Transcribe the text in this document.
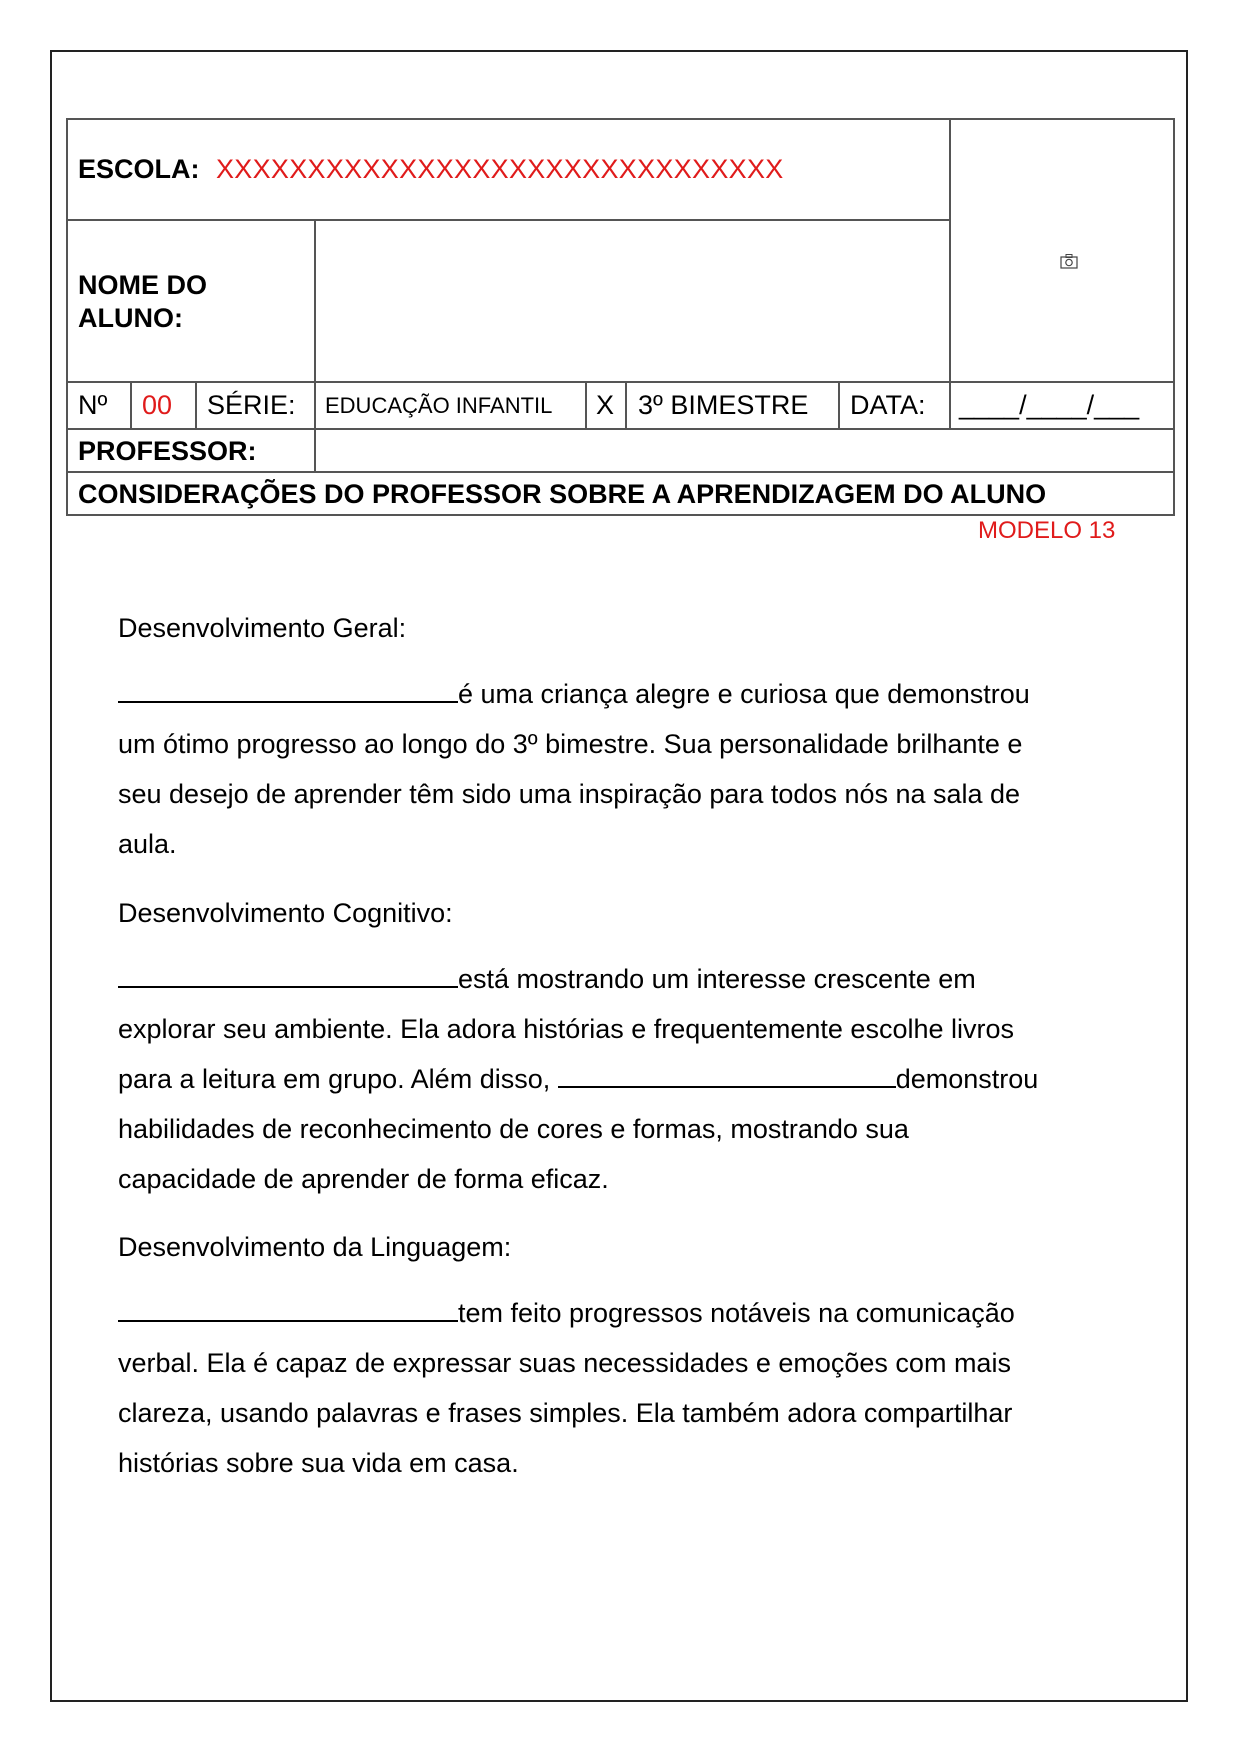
ESCOLA: XXXXXXXXXXXXXXXXXXXXXXXXXXXXXXX
NOME DO
ALUNO:
Nº 00 SÉRIE: EDUCAÇÃO INFANTIL X 3º BIMESTRE DATA: ____/____/___
PROFESSOR:
CONSIDERAÇÕES DO PROFESSOR SOBRE A APRENDIZAGEM DO ALUNO
MODELO 13
Desenvolvimento Geral:
é uma criança alegre e curiosa que demonstrou
um ótimo progresso ao longo do 3º bimestre. Sua personalidade brilhante e
seu desejo de aprender têm sido uma inspiração para todos nós na sala de
aula.
Desenvolvimento Cognitivo:
está mostrando um interesse crescente em
explorar seu ambiente. Ela adora histórias e frequentemente escolhe livros
para a leitura em grupo. Além disso,	demonstrou
habilidades de reconhecimento de cores e formas, mostrando sua
capacidade de aprender de forma eficaz.
Desenvolvimento da Linguagem:
tem feito progressos notáveis na comunicação
verbal. Ela é capaz de expressar suas necessidades e emoções com mais
clareza, usando palavras e frases simples. Ela também adora compartilhar
histórias sobre sua vida em casa.
